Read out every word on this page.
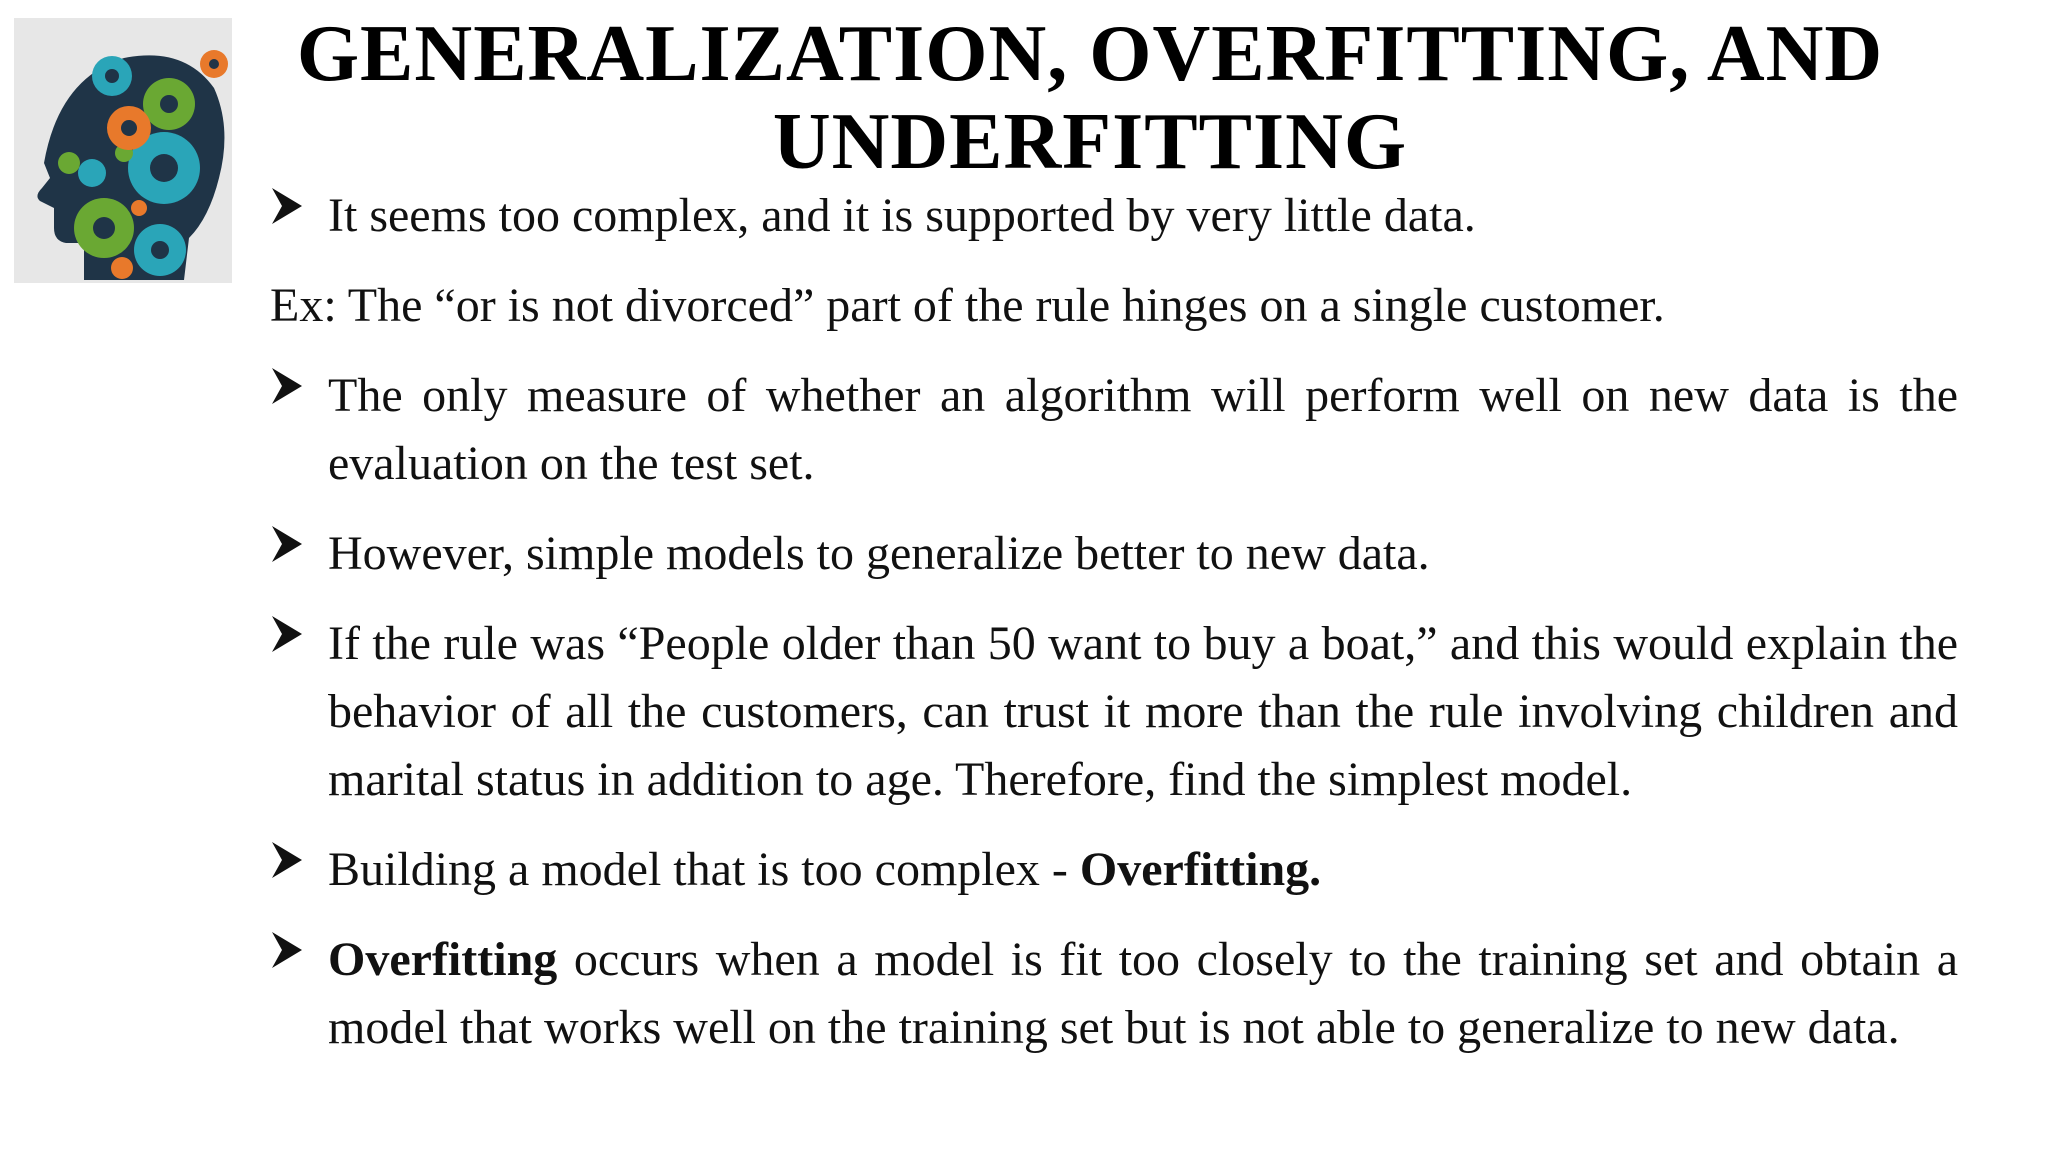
GENERALIZATION, OVERFITTING, AND UNDERFITTING
It seems too complex, and it is supported by very little data.
Ex: The “or is not divorced” part of the rule hinges on a single customer.
The only measure of whether an algorithm will perform well on new data is the evaluation on the test set.
However, simple models to generalize better to new data.
If the rule was “People older than 50 want to buy a boat,” and this would explain the behavior of all the customers, can trust it more than the rule involving children and marital status in addition to age. Therefore, find the simplest model.
Building a model that is too complex - Overfitting.
Overfitting occurs when a model is fit too closely to the training set and obtain a model that works well on the training set but is not able to generalize to new data.
